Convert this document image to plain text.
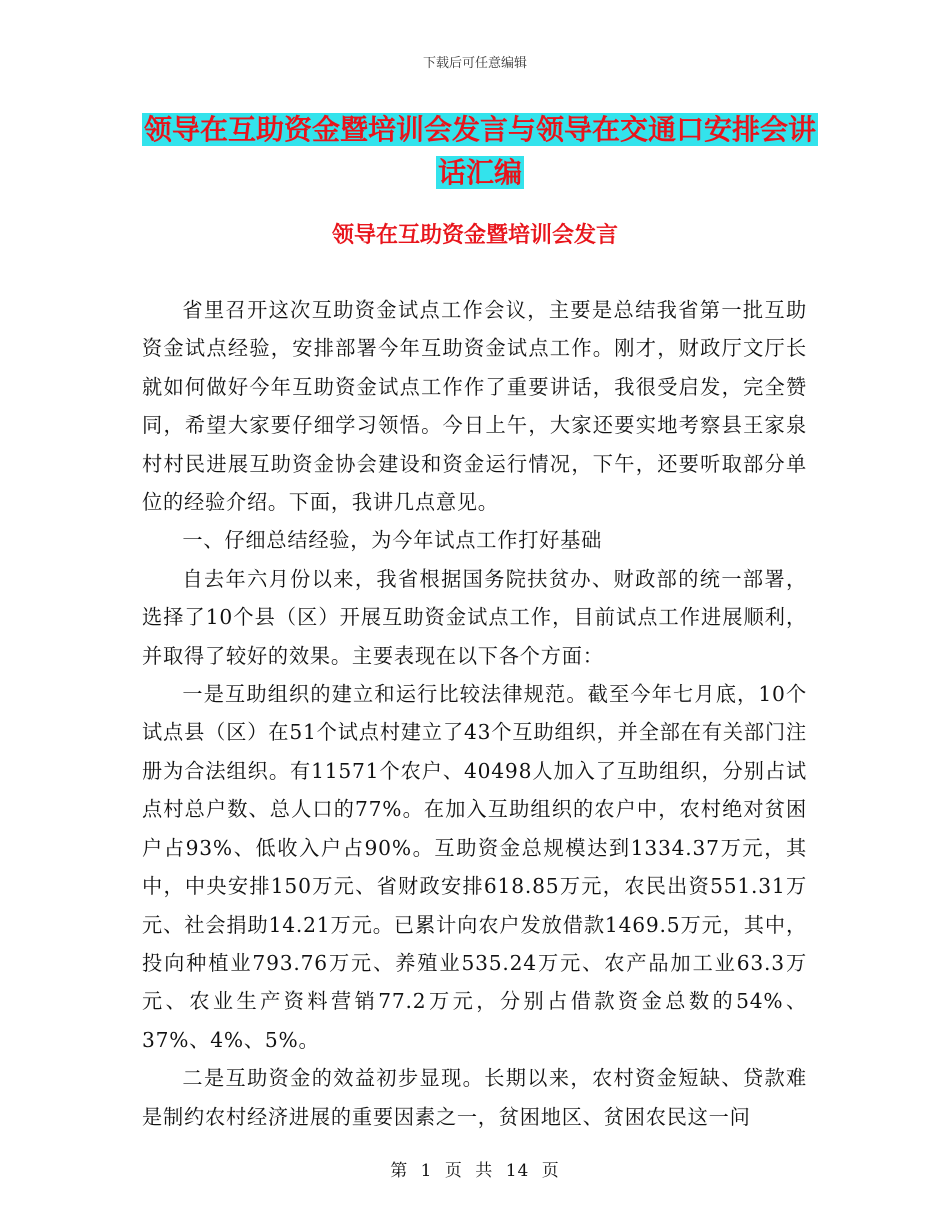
下载后可任意编辑
领导在互助资金暨培训会发言与领导在交通口安排会讲话汇编
领导在互助资金暨培训会发言

省里召开这次互助资金试点工作会议，主要是总结我省第一批互助资金试点经验，安排部署今年互助资金试点工作。刚才，财政厅文厅长就如何做好今年互助资金试点工作作了重要讲话，我很受启发，完全赞同，希望大家要仔细学习领悟。今日上午，大家还要实地考察县王家泉村村民进展互助资金协会建设和资金运行情况，下午，还要听取部分单位的经验介绍。下面，我讲几点意见。

一、仔细总结经验，为今年试点工作打好基础

自去年六月份以来，我省根据国务院扶贫办、财政部的统一部署，选择了10个县（区）开展互助资金试点工作，目前试点工作进展顺利，并取得了较好的效果。主要表现在以下各个方面：

一是互助组织的建立和运行比较法律规范。截至今年七月底，10个试点县（区）在51个试点村建立了43个互助组织，并全部在有关部门注册为合法组织。有11571个农户、40498人加入了互助组织，分别占试点村总户数、总人口的77%。在加入互助组织的农户中，农村绝对贫困户占93%、低收入户占90%。互助资金总规模达到1334.37万元，其中，中央安排150万元、省财政安排618.85万元，农民出资551.31万元、社会捐助14.21万元。已累计向农户发放借款1469.5万元，其中，投向种植业793.76万元、养殖业535.24万元、农产品加工业63.3万元、农业生产资料营销77.2万元，分别占借款资金总数的54%、37%、4%、5%。

二是互助资金的效益初步显现。长期以来，农村资金短缺、贷款难是制约农村经济进展的重要因素之一，贫困地区、贫困农民这一问

第 1 页 共 14 页
